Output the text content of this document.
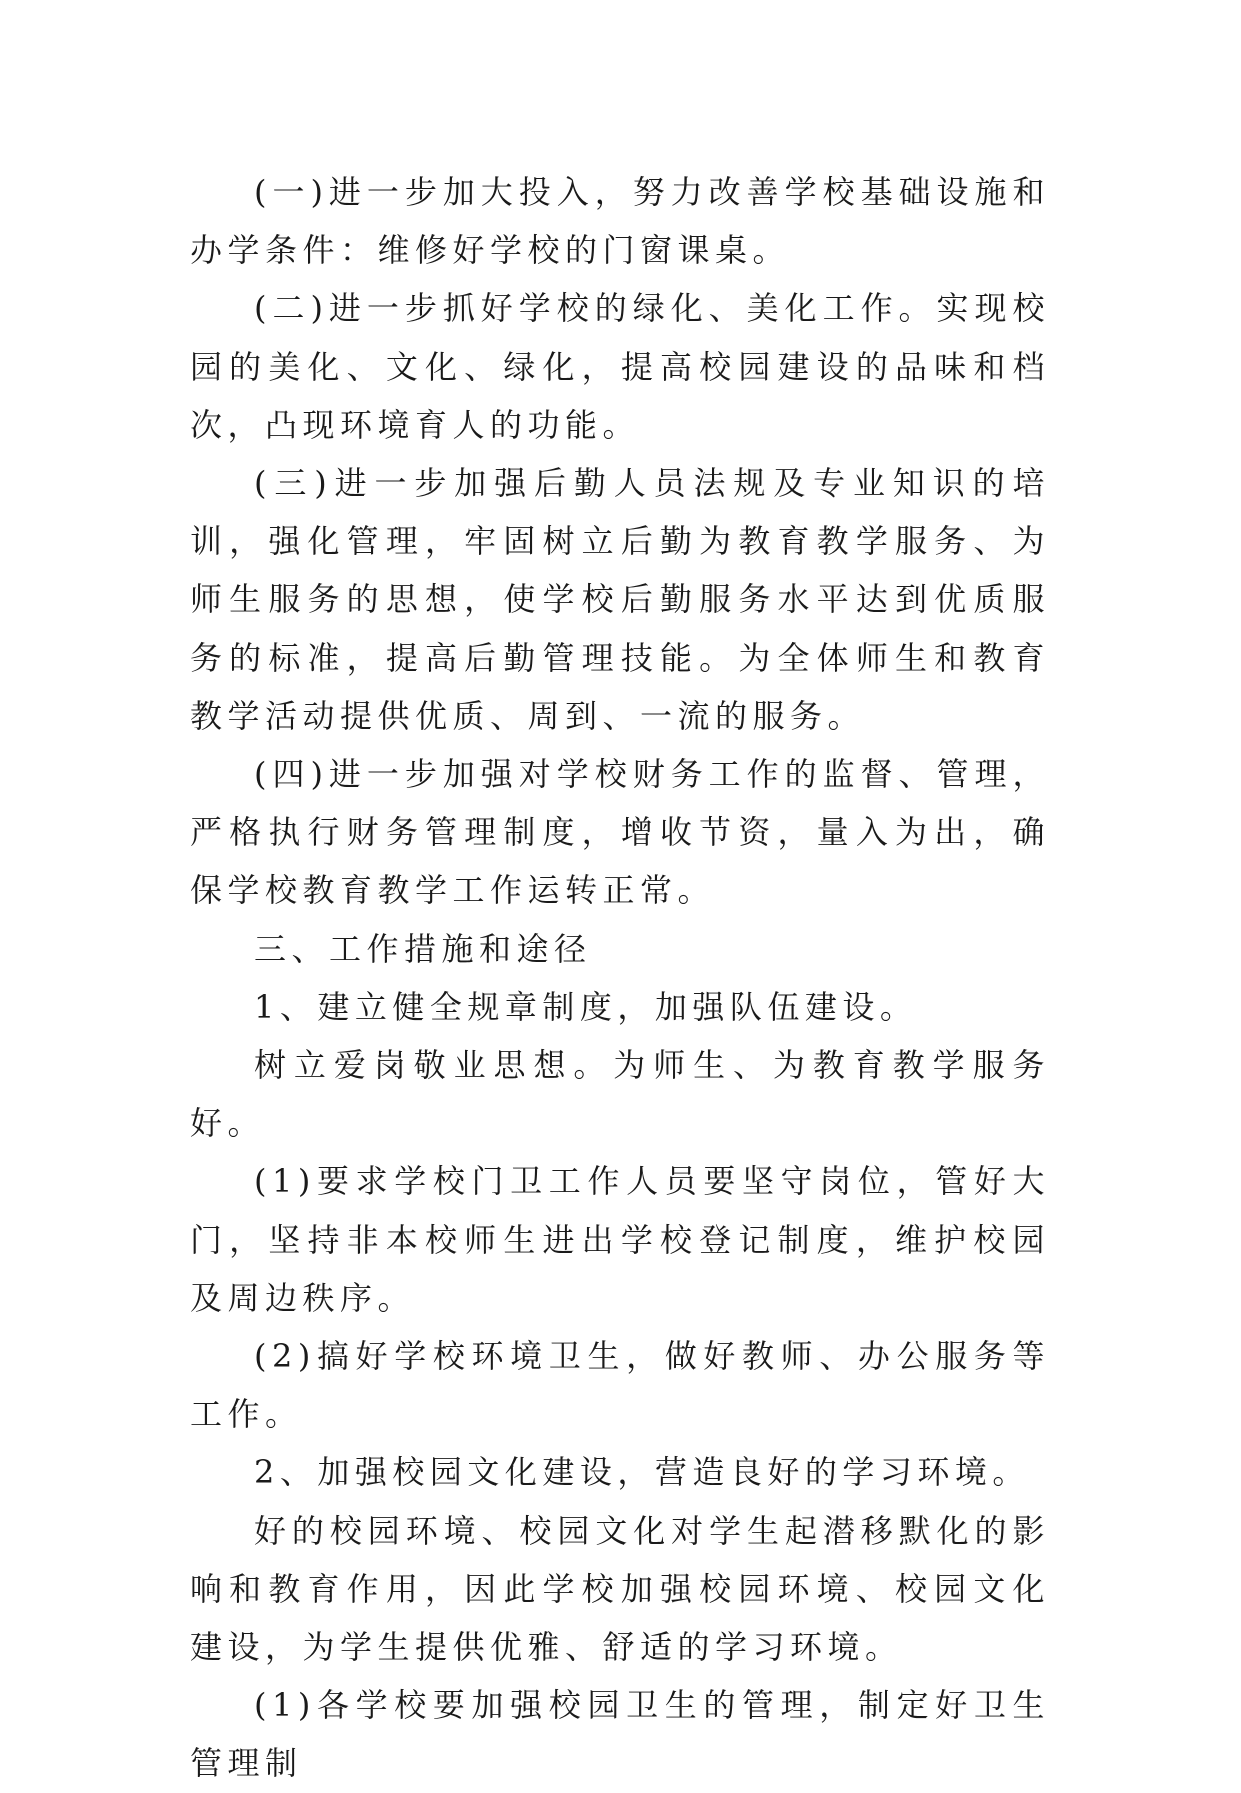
(一)进一步加大投入，努力改善学校基础设施和办学条件：维修好学校的门窗课桌。

(二)进一步抓好学校的绿化、美化工作。实现校园的美化、文化、绿化，提高校园建设的品味和档次，凸现环境育人的功能。

(三)进一步加强后勤人员法规及专业知识的培训，强化管理，牢固树立后勤为教育教学服务、为师生服务的思想，使学校后勤服务水平达到优质服务的标准，提高后勤管理技能。为全体师生和教育教学活动提供优质、周到、一流的服务。

(四)进一步加强对学校财务工作的监督、管理，严格执行财务管理制度，增收节资，量入为出，确保学校教育教学工作运转正常。

三、工作措施和途径

1、建立健全规章制度，加强队伍建设。

树立爱岗敬业思想。为师生、为教育教学服务好。

(1)要求学校门卫工作人员要坚守岗位，管好大门，坚持非本校师生进出学校登记制度，维护校园及周边秩序。

(2)搞好学校环境卫生，做好教师、办公服务等工作。

2、加强校园文化建设，营造良好的学习环境。

好的校园环境、校园文化对学生起潜移默化的影响和教育作用，因此学校加强校园环境、校园文化建设，为学生提供优雅、舒适的学习环境。

(1)各学校要加强校园卫生的管理，制定好卫生管理制
